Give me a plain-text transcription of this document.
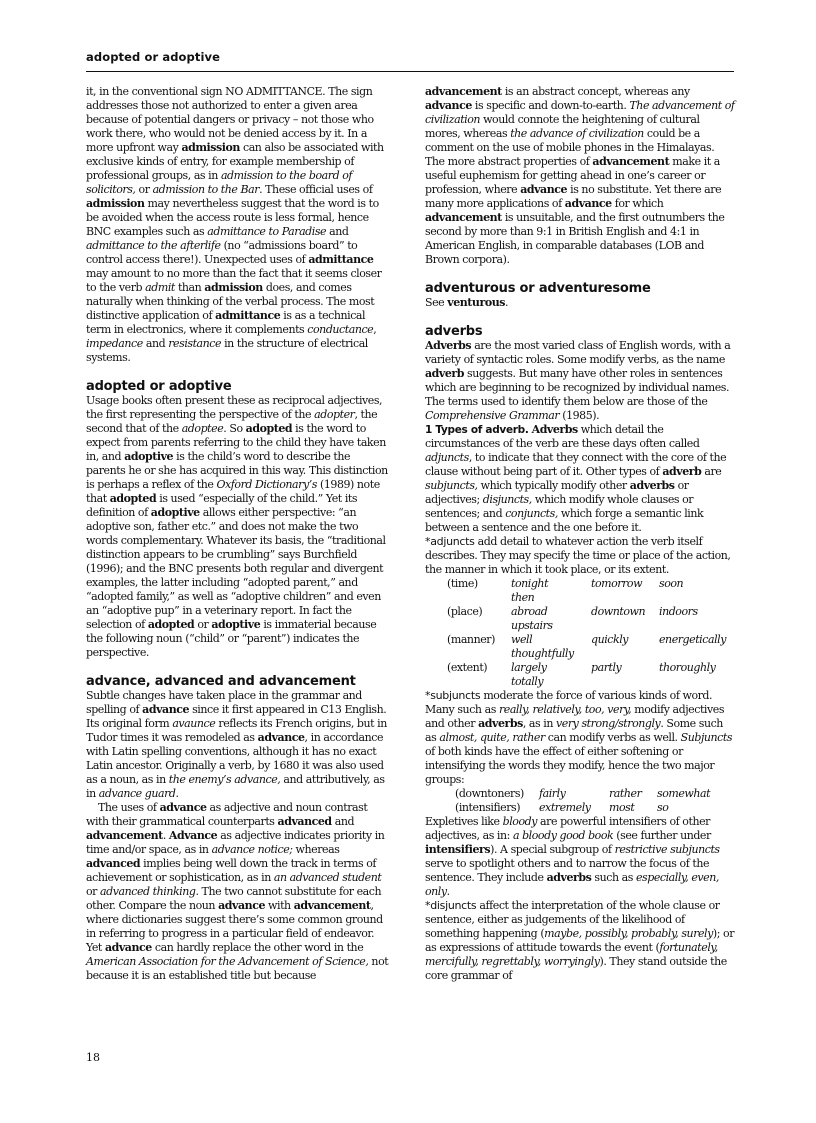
adopted or adoptive

it, in the conventional sign NO ADMITTANCE. The sign addresses those not authorized to enter a given area because of potential dangers or privacy – not those who work there, who would not be denied access by it. In a more upfront way admission can also be associated with exclusive kinds of entry, for example membership of professional groups, as in admission to the board of solicitors, or admission to the Bar. These official uses of admission may nevertheless suggest that the word is to be avoided when the access route is less formal, hence BNC examples such as admittance to Paradise and admittance to the afterlife (no “admissions board” to control access there!). Unexpected uses of admittance may amount to no more than the fact that it seems closer to the verb admit than admission does, and comes naturally when thinking of the verbal process. The most distinctive application of admittance is as a technical term in electronics, where it complements conductance, impedance and resistance in the structure of electrical systems.

adopted or adoptive

Usage books often present these as reciprocal adjectives, the first representing the perspective of the adopter, the second that of the adoptee. So adopted is the word to expect from parents referring to the child they have taken in, and adoptive is the child’s word to describe the parents he or she has acquired in this way. This distinction is perhaps a reflex of the Oxford Dictionary’s (1989) note that adopted is used “especially of the child.” Yet its definition of adoptive allows either perspective: “an adoptive son, father etc.” and does not make the two words complementary. Whatever its basis, the “traditional distinction appears to be crumbling” says Burchfield (1996); and the BNC presents both regular and divergent examples, the latter including “adopted parent,” and “adopted family,” as well as “adoptive children” and even an “adoptive pup” in a veterinary report. In fact the selection of adopted or adoptive is immaterial because the following noun (“child” or “parent”) indicates the perspective.

advance, advanced and advancement

Subtle changes have taken place in the grammar and spelling of advance since it first appeared in C13 English. Its original form avaunce reflects its French origins, but in Tudor times it was remodeled as advance, in accordance with Latin spelling conventions, although it has no exact Latin ancestor. Originally a verb, by 1680 it was also used as a noun, as in the enemy’s advance, and attributively, as in advance guard.

The uses of advance as adjective and noun contrast with their grammatical counterparts advanced and advancement. Advance as adjective indicates priority in time and/or space, as in advance notice; whereas advanced implies being well down the track in terms of achievement or sophistication, as in an advanced student or advanced thinking. The two cannot substitute for each other. Compare the noun advance with advancement, where dictionaries suggest there’s some common ground in referring to progress in a particular field of endeavor. Yet advance can hardly replace the other word in the American Association for the Advancement of Science, not because it is an established title but because

advancement is an abstract concept, whereas any advance is specific and down-to-earth. The advancement of civilization would connote the heightening of cultural mores, whereas the advance of civilization could be a comment on the use of mobile phones in the Himalayas. The more abstract properties of advancement make it a useful euphemism for getting ahead in one’s career or profession, where advance is no substitute. Yet there are many more applications of advance for which advancement is unsuitable, and the first outnumbers the second by more than 9:1 in British English and 4:1 in American English, in comparable databases (LOB and Brown corpora).

adventurous or adventuresome

See venturous.

adverbs

Adverbs are the most varied class of English words, with a variety of syntactic roles. Some modify verbs, as the name adverb suggests. But many have other roles in sentences which are beginning to be recognized by individual names. The terms used to identify them below are those of the Comprehensive Grammar (1985).

1 Types of adverb. Adverbs which detail the circumstances of the verb are these days often called adjuncts, to indicate that they connect with the core of the clause without being part of it. Other types of adverb are subjuncts, which typically modify other adverbs or adjectives; disjuncts, which modify whole clauses or sentences; and conjuncts, which forge a semantic link between a sentence and the one before it.

*adjuncts add detail to whatever action the verb itself describes. They may specify the time or place of the action, the manner in which it took place, or its extent.

(time)	tonight	tomorrow	soon
	then		
(place)	abroad	downtown	indoors
	upstairs		
(manner)	well	quickly	energetically
	thoughtfully		
(extent)	largely	partly	thoroughly
	totally		

*subjuncts moderate the force of various kinds of word. Many such as really, relatively, too, very, modify adjectives and other adverbs, as in very strong/strongly. Some such as almost, quite, rather can modify verbs as well. Subjuncts of both kinds have the effect of either softening or intensifying the words they modify, hence the two major groups:

(downtoners)	fairly	rather	somewhat
(intensifiers)	extremely	most	so

Expletives like bloody are powerful intensifiers of other adjectives, as in: a bloody good book (see further under intensifiers). A special subgroup of restrictive subjuncts serve to spotlight others and to narrow the focus of the sentence. They include adverbs such as especially, even, only.

*disjuncts affect the interpretation of the whole clause or sentence, either as judgements of the likelihood of something happening (maybe, possibly, probably, surely); or as expressions of attitude towards the event (fortunately, mercifully, regrettably, worryingly). They stand outside the core grammar of

18
